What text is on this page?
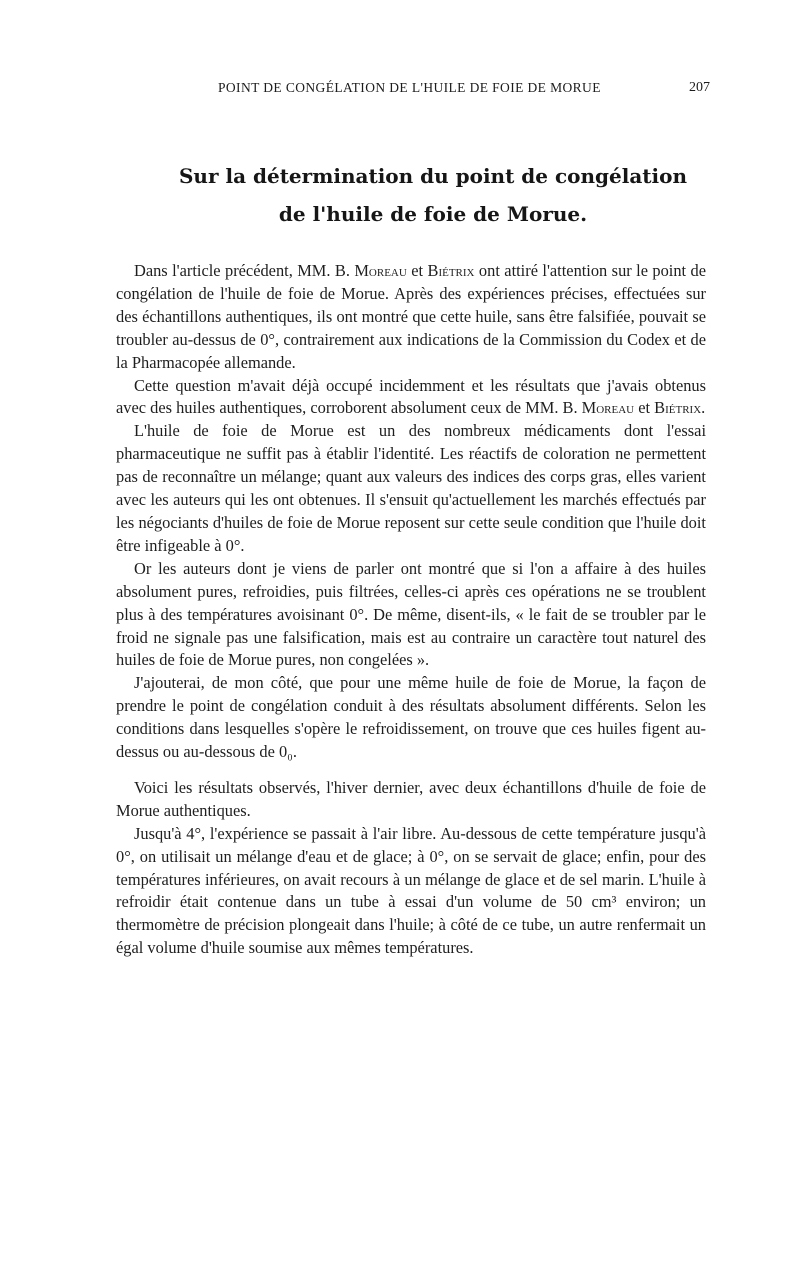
POINT DE CONGÉLATION DE L'HUILE DE FOIE DE MORUE	207
Sur la détermination du point de congélation
de l'huile de foie de Morue.

Dans l'article précédent, MM. B. Moreau et Biétrix ont attiré l'attention sur le point de congélation de l'huile de foie de Morue. Après des expériences précises, effectuées sur des échantillons authentiques, ils ont montré que cette huile, sans être falsifiée, pouvait se troubler au-dessus de 0°, contrairement aux indications de la Commission du Codex et de la Pharmacopée allemande.

Cette question m'avait déjà occupé incidemment et les résultats que j'avais obtenus avec des huiles authentiques, corroborent absolument ceux de MM. B. Moreau et Biétrix.

L'huile de foie de Morue est un des nombreux médicaments dont l'essai pharmaceutique ne suffit pas à établir l'identité. Les réactifs de coloration ne permettent pas de reconnaître un mélange; quant aux valeurs des indices des corps gras, elles varient avec les auteurs qui les ont obtenues. Il s'ensuit qu'actuellement les marchés effectués par les négociants d'huiles de foie de Morue reposent sur cette seule condition que l'huile doit être infigeable à 0°.

Or les auteurs dont je viens de parler ont montré que si l'on a affaire à des huiles absolument pures, refroidies, puis filtrées, celles-ci après ces opérations ne se troublent plus à des températures avoisinant 0°. De même, disent-ils, « le fait de se troubler par le froid ne signale pas une falsification, mais est au contraire un caractère tout naturel des huiles de foie de Morue pures, non congelées ».

J'ajouterai, de mon côté, que pour une même huile de foie de Morue, la façon de prendre le point de congélation conduit à des résultats absolument différents. Selon les conditions dans lesquelles s'opère le refroidissement, on trouve que ces huiles figent au-dessus ou au-dessous de 0₀.

Voici les résultats observés, l'hiver dernier, avec deux échantillons d'huile de foie de Morue authentiques.

Jusqu'à 4°, l'expérience se passait à l'air libre. Au-dessous de cette température jusqu'à 0°, on utilisait un mélange d'eau et de glace; à 0°, on se servait de glace; enfin, pour des températures inférieures, on avait recours à un mélange de glace et de sel marin. L'huile à refroidir était contenue dans un tube à essai d'un volume de 50 cm³ environ; un thermomètre de précision plongeait dans l'huile; à côté de ce tube, un autre renfermait un égal volume d'huile soumise aux mêmes températures.
